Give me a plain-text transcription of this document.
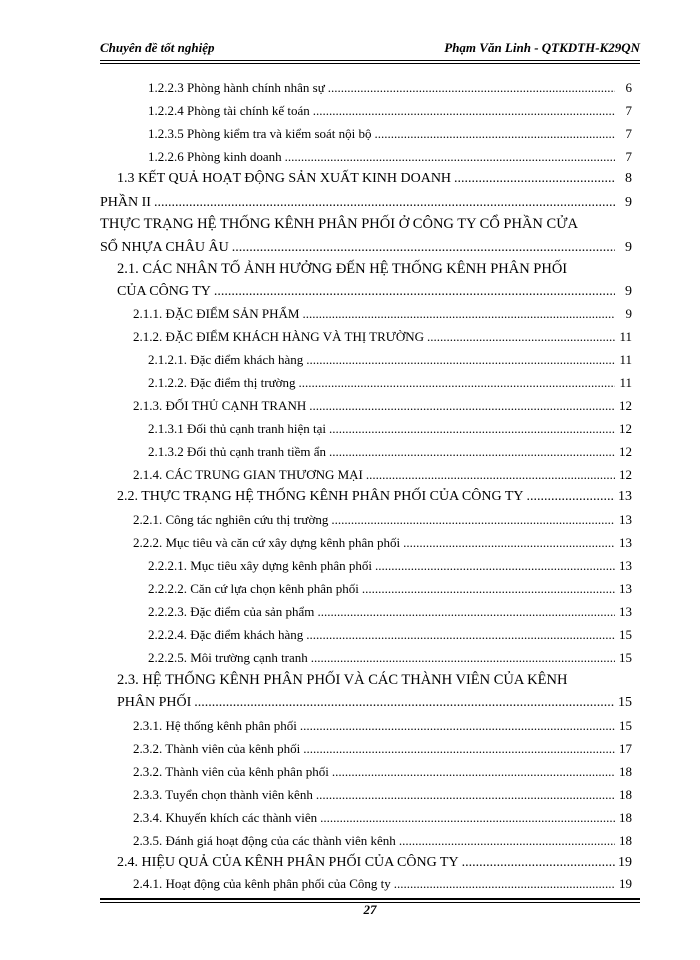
Chuyên đề tốt nghiệp	Phạm Văn Linh - QTKDTH-K29QN
1.2.2.3 Phòng hành chính nhân sự .....	6
1.2.2.4 Phòng tài chính kế toán .....	7
1.2.3.5 Phòng kiểm tra và kiểm soát nội bộ .....	7
1.2.2.6 Phòng kinh doanh .....	7
1.3 KẾT QUẢ HOẠT ĐỘNG SẢN XUẤT KINH DOANH .....	8
PHẦN II .....	9
THỰC TRẠNG HỆ THỐNG KÊNH PHÂN PHỐI Ở CÔNG TY CỔ PHẦN CỬA
SỔ NHỰA CHÂU ÂU .....	9
2.1. CÁC NHÂN TỐ ẢNH HƯỞNG ĐẾN HỆ THỐNG KÊNH PHÂN PHỐI
CỦA CÔNG TY .....	9
2.1.1. ĐẶC ĐIỂM SẢN PHẨM .....	9
2.1.2. ĐẶC ĐIỂM KHÁCH HÀNG VÀ THỊ TRƯỜNG .....	11
2.1.2.1. Đặc điểm khách hàng .....	11
2.1.2.2. Đặc điểm thị trường .....	11
2.1.3. ĐỐI THỦ CẠNH TRANH .....	12
2.1.3.1 Đối thủ cạnh tranh hiện tại .....	12
2.1.3.2 Đối thủ cạnh tranh tiềm ẩn .....	12
2.1.4. CÁC TRUNG GIAN THƯƠNG MẠI .....	12
2.2. THỰC TRẠNG HỆ THỐNG KÊNH PHÂN PHỐI CỦA CÔNG TY .....	13
2.2.1. Công tác nghiên cứu thị trường .....	13
2.2.2. Mục tiêu và căn cứ xây dựng kênh phân phối .....	13
2.2.2.1. Mục tiêu xây dựng kênh phân phối .....	13
2.2.2.2. Căn cứ lựa chọn kênh phân phối .....	13
2.2.2.3. Đặc điểm của sản phẩm .....	13
2.2.2.4. Đặc điểm khách hàng .....	15
2.2.2.5. Môi trường cạnh tranh .....	15
2.3. HỆ THỐNG KÊNH PHÂN PHỐI VÀ CÁC THÀNH VIÊN CỦA KÊNH
PHÂN PHỐI .....	15
2.3.1. Hệ thống kênh phân phối .....	15
2.3.2. Thành viên của kênh phối .....	17
2.3.2. Thành viên của kênh phân phối .....	18
2.3.3. Tuyển chọn thành viên kênh .....	18
2.3.4. Khuyến khích các thành viên .....	18
2.3.5. Đánh giá hoạt động của các thành viên kênh .....	18
2.4. HIỆU QUẢ CỦA KÊNH PHÂN PHỐI CỦA CÔNG TY .....	19
2.4.1. Hoạt động của kênh phân phối của Công ty .....	19
27
